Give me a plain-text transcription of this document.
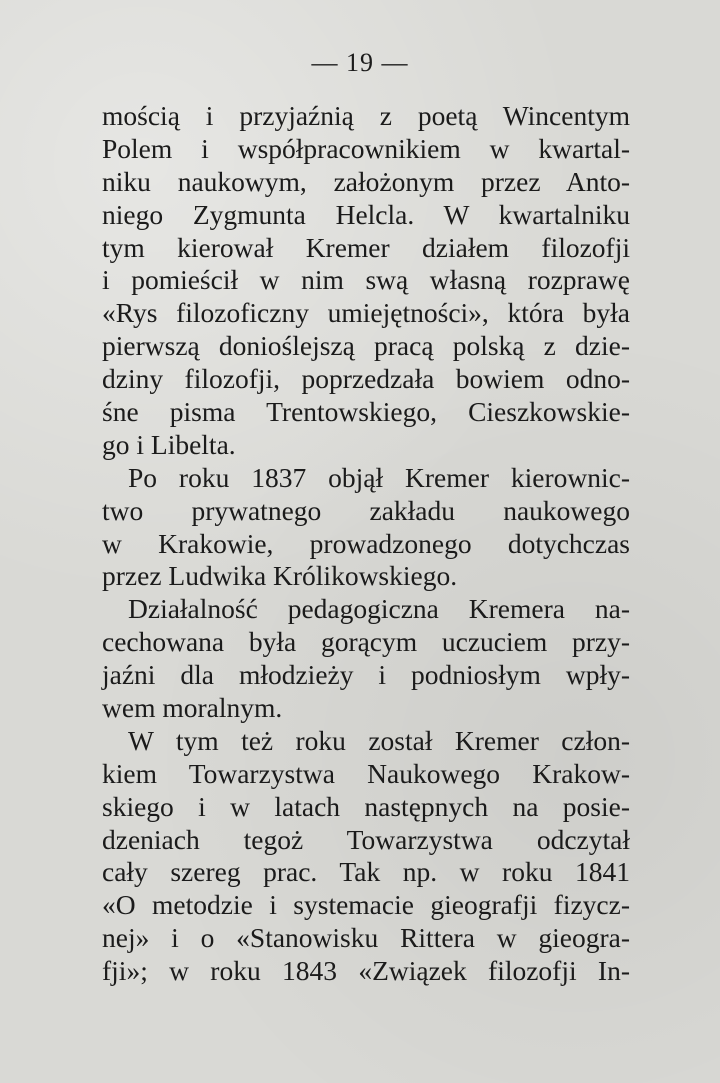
— 19 —
mością i przyjaźnią z poetą Wincentym
Polem i współpracownikiem w kwartal-
niku naukowym, założonym przez Anto-
niego Zygmunta Helcla. W kwartalniku
tym kierował Kremer działem filozofji
i pomieścił w nim swą własną rozprawę
«Rys filozoficzny umiejętności», która była
pierwszą donioślejszą pracą polską z dzie-
dziny filozofji, poprzedzała bowiem odno-
śne pisma Trentowskiego, Cieszkowskie-
go i Libelta.
Po roku 1837 objął Kremer kierownic-
two prywatnego zakładu naukowego
w Krakowie, prowadzonego dotychczas
przez Ludwika Królikowskiego.
Działalność pedagogiczna Kremera na-
cechowana była gorącym uczuciem przy-
jaźni dla młodzieży i podniosłym wpły-
wem moralnym.
W tym też roku został Kremer człon-
kiem Towarzystwa Naukowego Krakow-
skiego i w latach następnych na posie-
dzeniach tegoż Towarzystwa odczytał
cały szereg prac. Tak np. w roku 1841
«O metodzie i systemacie gieografji fizycz-
nej» i o «Stanowisku Rittera w gieogra-
fji»; w roku 1843 «Związek filozofji In-
